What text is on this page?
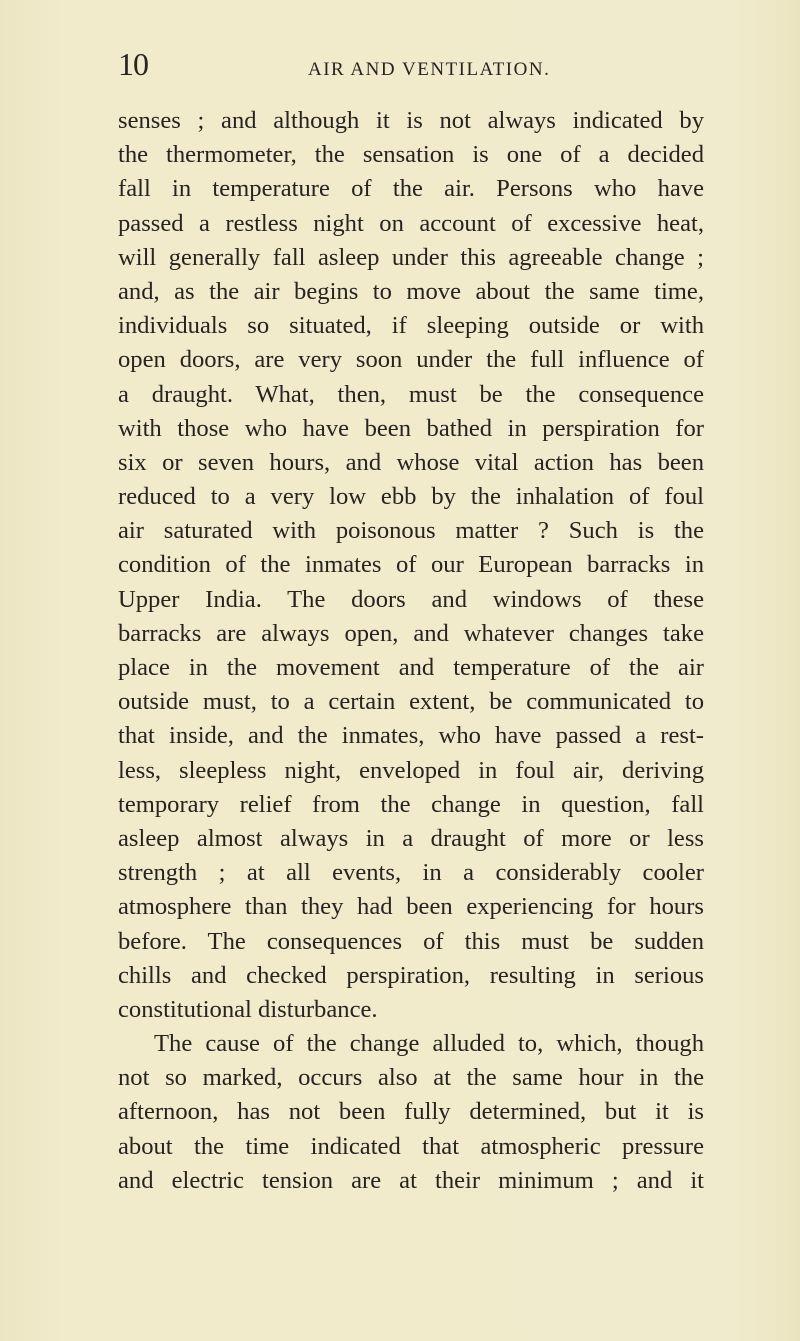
10	AIR AND VENTILATION.
senses ; and although it is not always indicated by
the thermometer, the sensation is one of a decided
fall in temperature of the air. Persons who have
passed a restless night on account of excessive heat,
will generally fall asleep under this agreeable change ;
and, as the air begins to move about the same time,
individuals so situated, if sleeping outside or with
open doors, are very soon under the full influence of
a draught. What, then, must be the consequence
with those who have been bathed in perspiration for
six or seven hours, and whose vital action has been
reduced to a very low ebb by the inhalation of foul
air saturated with poisonous matter ? Such is the
condition of the inmates of our European barracks in
Upper India. The doors and windows of these
barracks are always open, and whatever changes take
place in the movement and temperature of the air
outside must, to a certain extent, be communicated to
that inside, and the inmates, who have passed a rest-
less, sleepless night, enveloped in foul air, deriving
temporary relief from the change in question, fall
asleep almost always in a draught of more or less
strength ; at all events, in a considerably cooler
atmosphere than they had been experiencing for hours
before. The consequences of this must be sudden
chills and checked perspiration, resulting in serious
constitutional disturbance.
The cause of the change alluded to, which, though
not so marked, occurs also at the same hour in the
afternoon, has not been fully determined, but it is
about the time indicated that atmospheric pressure
and electric tension are at their minimum ; and it
